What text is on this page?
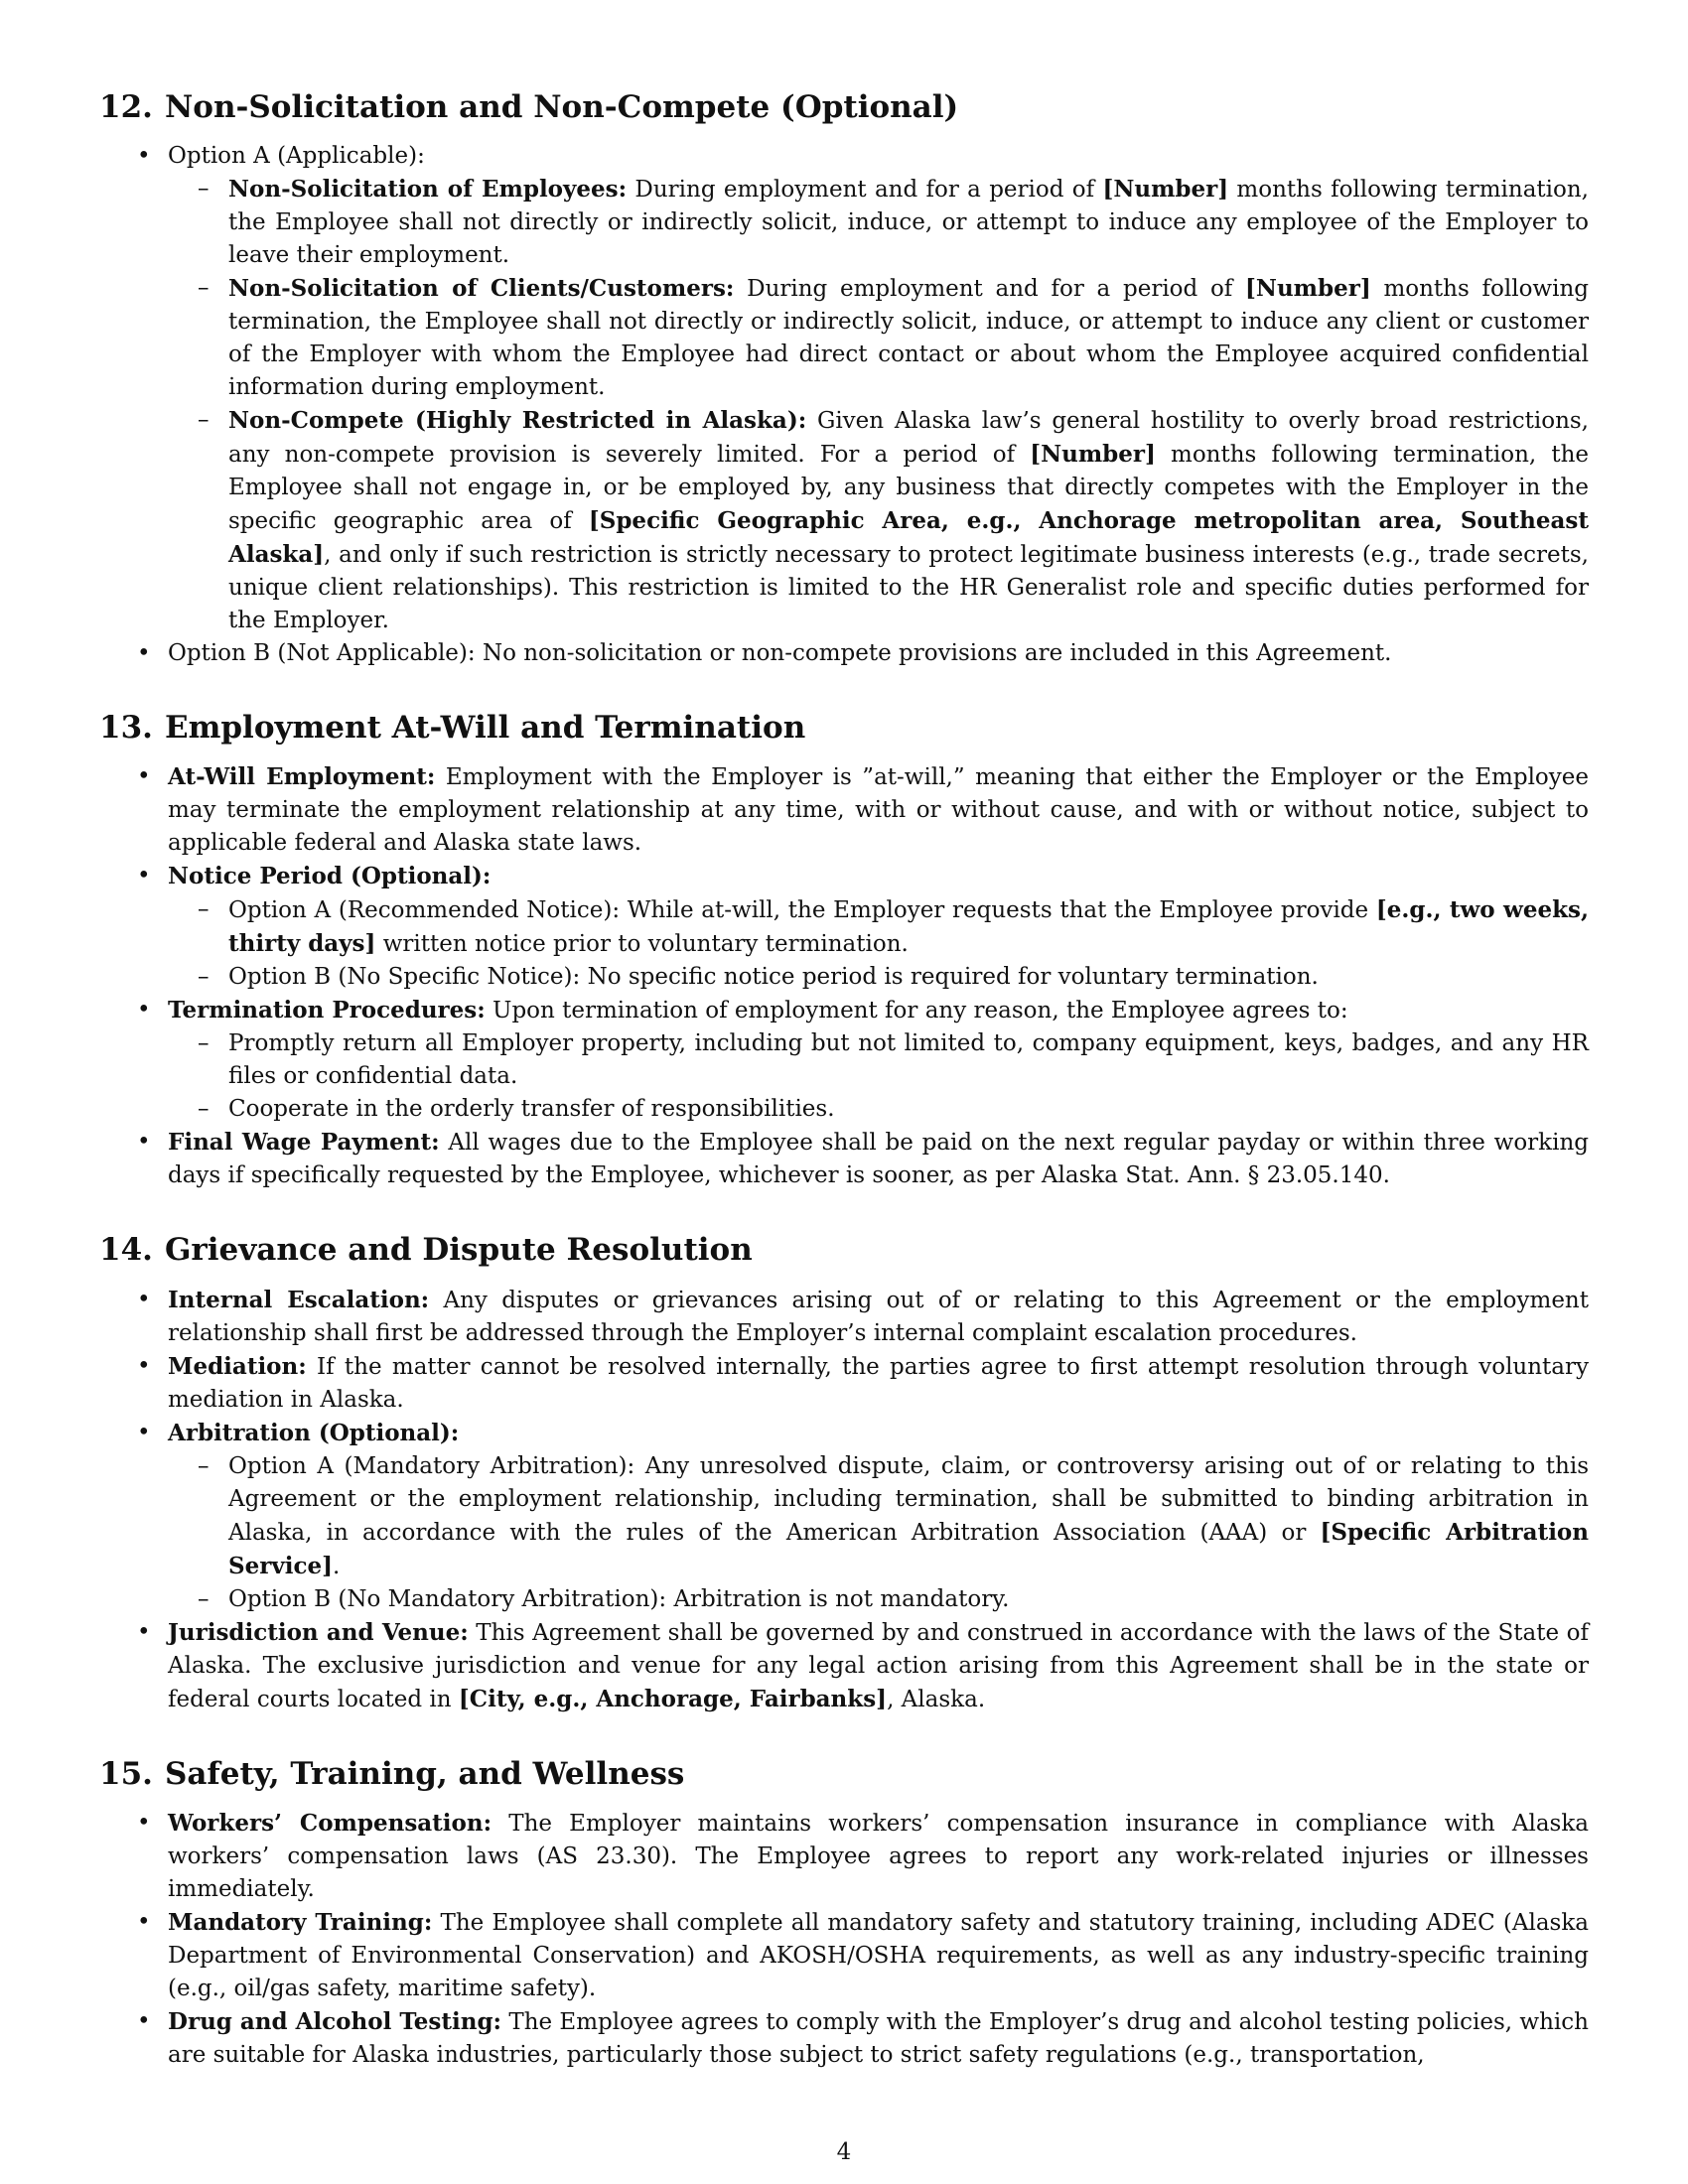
12. Non-Solicitation and Non-Compete (Optional)
• Option A (Applicable):
– Non-Solicitation of Employees: During employment and for a period of [Number] months following termination, the Employee shall not directly or indirectly solicit, induce, or attempt to induce any employee of the Employer to leave their employment.
– Non-Solicitation of Clients/Customers: During employment and for a period of [Number] months following termination, the Employee shall not directly or indirectly solicit, induce, or attempt to induce any client or customer of the Employer with whom the Employee had direct contact or about whom the Employee acquired confidential information during employment.
– Non-Compete (Highly Restricted in Alaska): Given Alaska law’s general hostility to overly broad restrictions, any non-compete provision is severely limited. For a period of [Number] months following termination, the Employee shall not engage in, or be employed by, any business that directly competes with the Employer in the specific geographic area of [Specific Geographic Area, e.g., Anchorage metropolitan area, Southeast Alaska], and only if such restriction is strictly necessary to protect legitimate business interests (e.g., trade secrets, unique client relationships). This restriction is limited to the HR Generalist role and specific duties performed for the Employer.
• Option B (Not Applicable): No non-solicitation or non-compete provisions are included in this Agreement.
13. Employment At-Will and Termination
• At-Will Employment: Employment with the Employer is ”at-will,” meaning that either the Employer or the Employee may terminate the employment relationship at any time, with or without cause, and with or without notice, subject to applicable federal and Alaska state laws.
• Notice Period (Optional):
– Option A (Recommended Notice): While at-will, the Employer requests that the Employee provide [e.g., two weeks, thirty days] written notice prior to voluntary termination.
– Option B (No Specific Notice): No specific notice period is required for voluntary termination.
• Termination Procedures: Upon termination of employment for any reason, the Employee agrees to:
– Promptly return all Employer property, including but not limited to, company equipment, keys, badges, and any HR files or confidential data.
– Cooperate in the orderly transfer of responsibilities.
• Final Wage Payment: All wages due to the Employee shall be paid on the next regular payday or within three working days if specifically requested by the Employee, whichever is sooner, as per Alaska Stat. Ann. § 23.05.140.
14. Grievance and Dispute Resolution
• Internal Escalation: Any disputes or grievances arising out of or relating to this Agreement or the employment relationship shall first be addressed through the Employer’s internal complaint escalation procedures.
• Mediation: If the matter cannot be resolved internally, the parties agree to first attempt resolution through voluntary mediation in Alaska.
• Arbitration (Optional):
– Option A (Mandatory Arbitration): Any unresolved dispute, claim, or controversy arising out of or relating to this Agreement or the employment relationship, including termination, shall be submitted to binding arbitration in Alaska, in accordance with the rules of the American Arbitration Association (AAA) or [Specific Arbitration Service].
– Option B (No Mandatory Arbitration): Arbitration is not mandatory.
• Jurisdiction and Venue: This Agreement shall be governed by and construed in accordance with the laws of the State of Alaska. The exclusive jurisdiction and venue for any legal action arising from this Agreement shall be in the state or federal courts located in [City, e.g., Anchorage, Fairbanks], Alaska.
15. Safety, Training, and Wellness
• Workers’ Compensation: The Employer maintains workers’ compensation insurance in compliance with Alaska workers’ compensation laws (AS 23.30). The Employee agrees to report any work-related injuries or illnesses immediately.
• Mandatory Training: The Employee shall complete all mandatory safety and statutory training, including ADEC (Alaska Department of Environmental Conservation) and AKOSH/OSHA requirements, as well as any industry-specific training (e.g., oil/gas safety, maritime safety).
• Drug and Alcohol Testing: The Employee agrees to comply with the Employer’s drug and alcohol testing policies, which are suitable for Alaska industries, particularly those subject to strict safety regulations (e.g., transportation,
4
